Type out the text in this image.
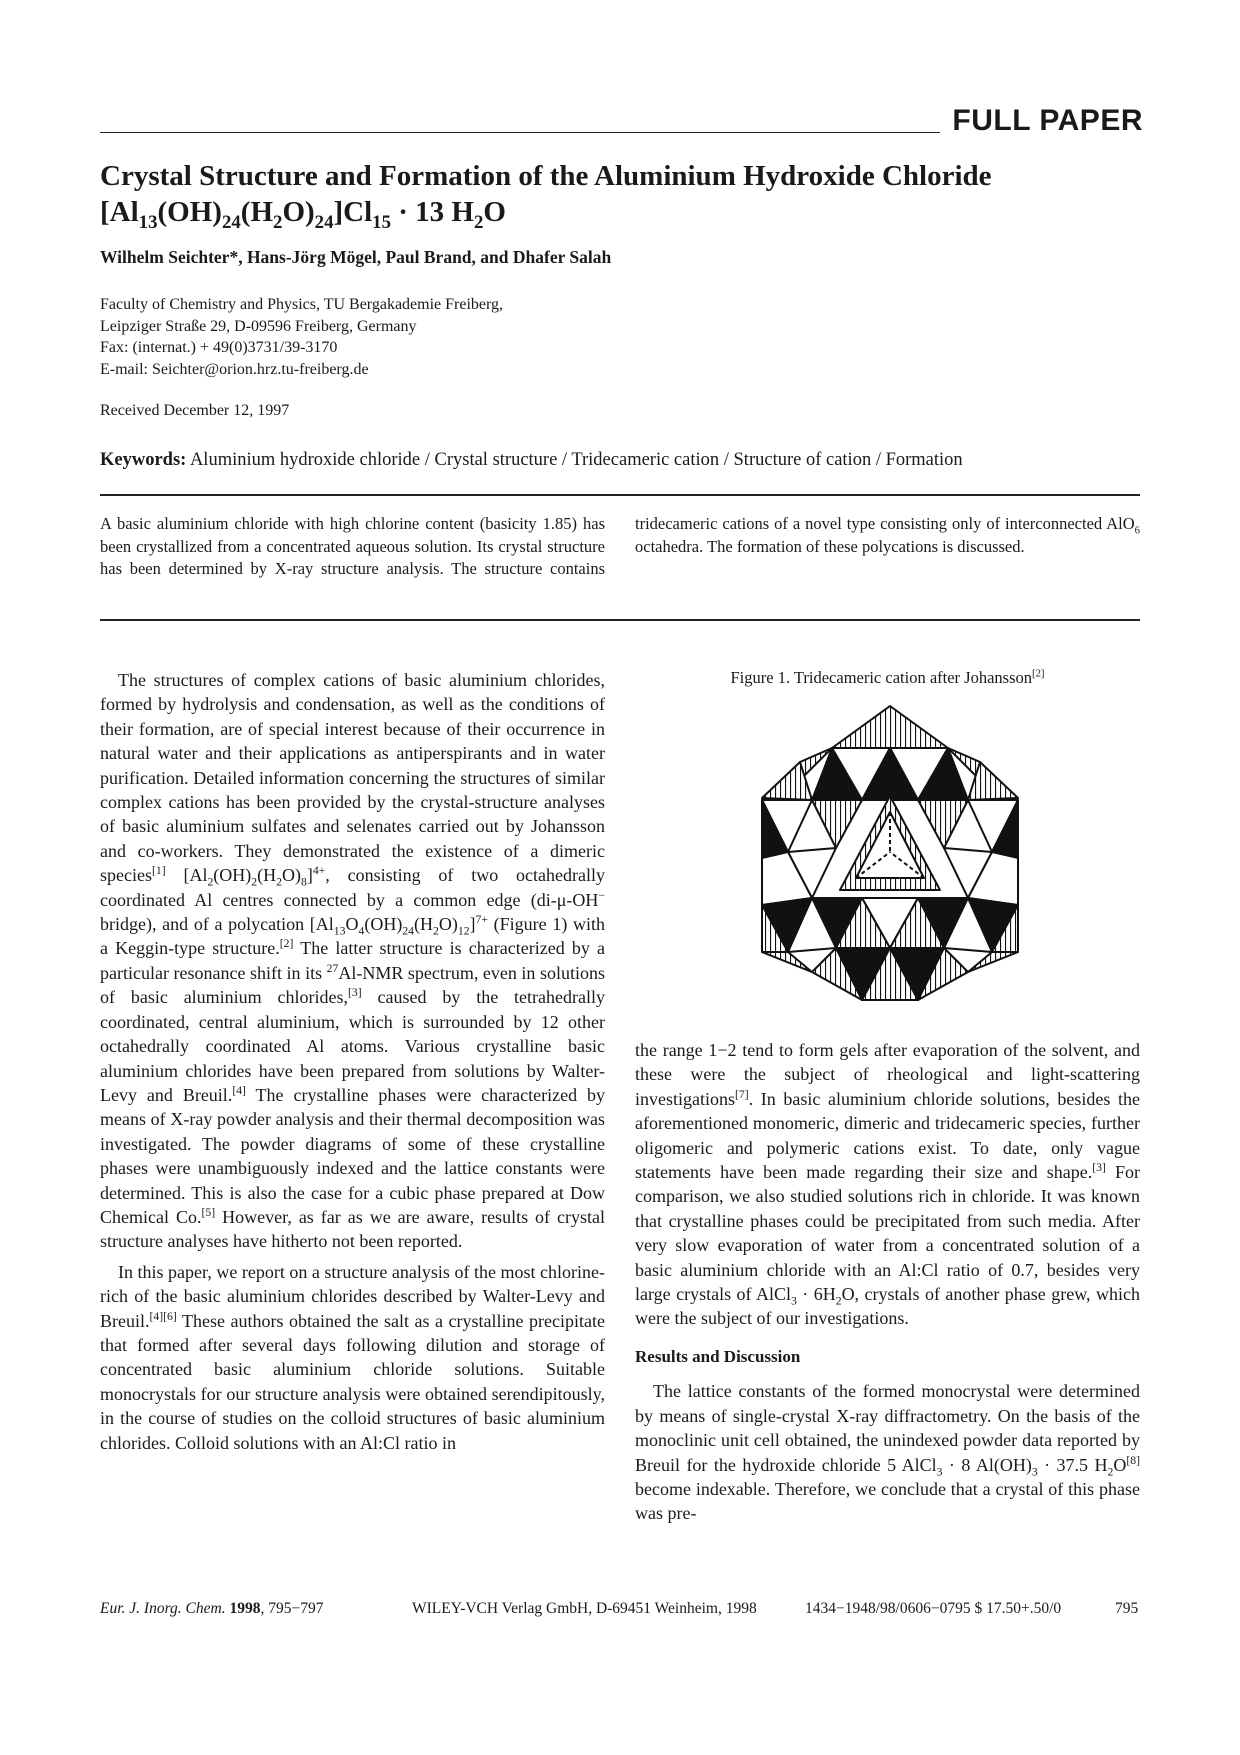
FULL PAPER
Crystal Structure and Formation of the Aluminium Hydroxide Chloride
$[Al_{13}(OH)_{24}(H_2O)_{24}]Cl_{15} \cdot 13$ $H_2O$
Wilhelm Seichter*, Hans-Jörg Mögel, Paul Brand, and Dhafer Salah
Faculty of Chemistry and Physics, TU Bergakademie Freiberg,
Leipziger Straße 29, D-09596 Freiberg, Germany
Fax: (internat.) + 49(0)3731/39-3170
E-mail: Seichter@orion.hrz.tu-freiberg.de
Received December 12, 1997
Keywords: Aluminium hydroxide chloride / Crystal structure / Tridecameric cation / Structure of cation / Formation
A basic aluminium chloride with high chlorine content (basicity 1.85) has been crystallized from a concentrated aqueous solution. Its crystal structure has been determined by X-ray structure analysis. The structure contains tridecameric cations of a novel type consisting only of interconnected AlO$_6$ octahedra. The formation of these polycations is discussed.

The structures of complex cations of basic aluminium chlorides, formed by hydrolysis and condensation, as well as the conditions of their formation, are of special interest because of their occurrence in natural water and their applications as antiperspirants and in water purification. Detailed information concerning the structures of similar complex cations has been provided by the crystal-structure analyses of basic aluminium sulfates and selenates carried out by Johansson and co-workers. They demonstrated the existence of a dimeric species[1] $[Al_2(OH)_2(H_2O)_8]^{4+}$, consisting of two octahedrally coordinated Al centres connected by a common edge (di-μ-OH− bridge), and of a polycation $[Al_{13}O_4(OH)_{24}(H_2O)_{12}]^{7+}$ (Figure 1) with a Keggin-type structure.[2] The latter structure is characterized by a particular resonance shift in its $^{27}$Al-NMR spectrum, even in solutions of basic aluminium chlorides,[3] caused by the tetrahedrally coordinated, central aluminium, which is surrounded by 12 other octahedrally coordinated Al atoms. Various crystalline basic aluminium chlorides have been prepared from solutions by Walter-Levy and Breuil.[4] The crystalline phases were characterized by means of X-ray powder analysis and their thermal decomposition was investigated. The powder diagrams of some of these crystalline phases were unambiguously indexed and the lattice constants were determined. This is also the case for a cubic phase prepared at Dow Chemical Co.[5] However, as far as we are aware, results of crystal structure analyses have hitherto not been reported.

In this paper, we report on a structure analysis of the most chlorine-rich of the basic aluminium chlorides described by Walter-Levy and Breuil.[4][6] These authors obtained the salt as a crystalline precipitate that formed after several days following dilution and storage of concentrated basic aluminium chloride solutions. Suitable monocrystals for our structure analysis were obtained serendipitously, in the course of studies on the colloid structures of basic aluminium chlorides. Colloid solutions with an Al:Cl ratio in

Figure 1. Tridecameric cation after Johansson[2]

the range 1−2 tend to form gels after evaporation of the solvent, and these were the subject of rheological and light-scattering investigations[7]. In basic aluminium chloride solutions, besides the aforementioned monomeric, dimeric and tridecameric species, further oligomeric and polymeric cations exist. To date, only vague statements have been made regarding their size and shape.[3] For comparison, we also studied solutions rich in chloride. It was known that crystalline phases could be precipitated from such media. After very slow evaporation of water from a concentrated solution of a basic aluminium chloride with an Al:Cl ratio of 0.7, besides very large crystals of AlCl$_3$ · $6H_2O$, crystals of another phase grew, which were the subject of our investigations.

Results and Discussion

The lattice constants of the formed monocrystal were determined by means of single-crystal X-ray diffractometry. On the basis of the monoclinic unit cell obtained, the unindexed powder data reported by Breuil for the hydroxide chloride 5 AlCl$_3$ · 8 $Al(OH)_3 \cdot 37.5$ $H_2O[8]$ become indexable. Therefore, we conclude that a crystal of this phase was pre-

Eur. J. Inorg. Chem. 1998, 795−797	WILEY-VCH Verlag GmbH, D-69451 Weinheim, 1998	1434−1948/98/0606−0795 $ 17.50+.50/0	795
